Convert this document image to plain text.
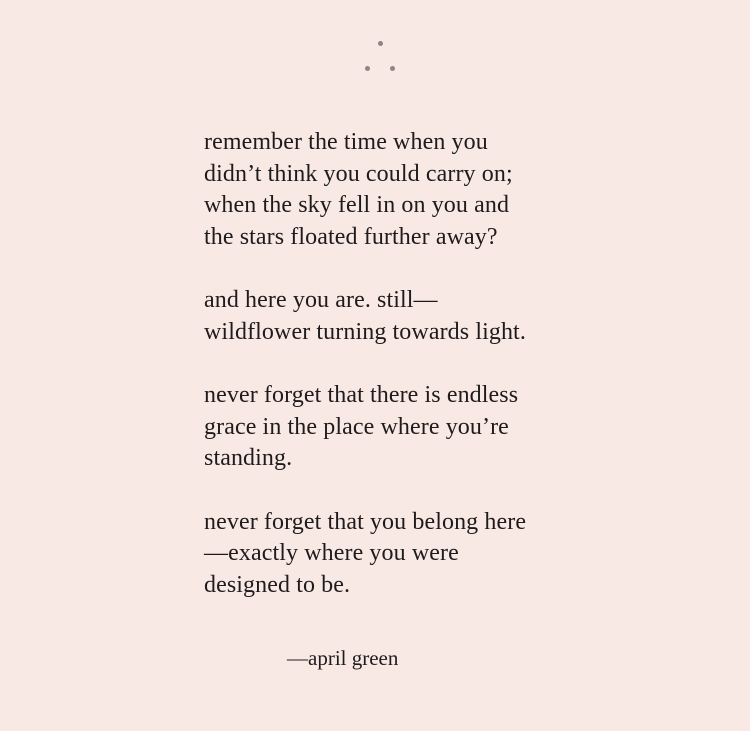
remember the time when you
didn’t think you could carry on;
when the sky fell in on you and
the stars floated further away?
and here you are. still—
wildflower turning towards light.
never forget that there is endless
grace in the place where you’re
standing.
never forget that you belong here
—exactly where you were
designed to be.
—april green
